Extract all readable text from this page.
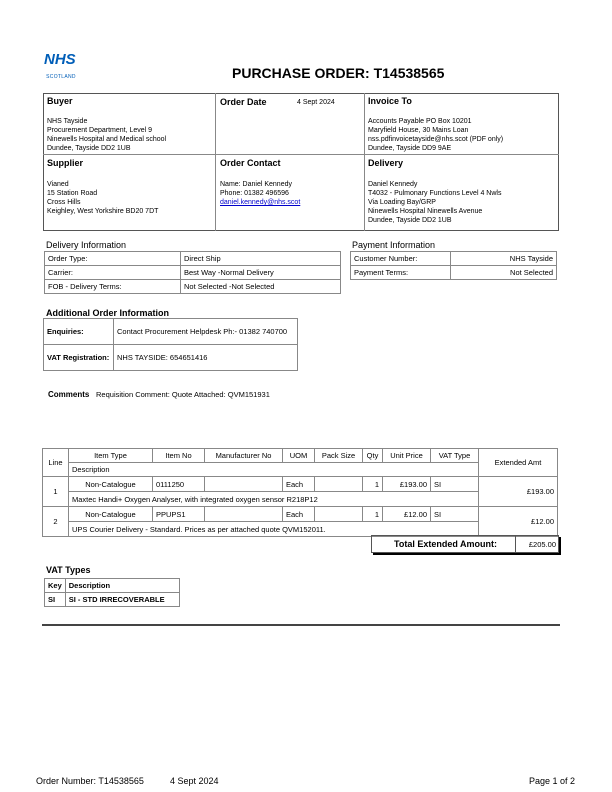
NHS
SCOTLAND	PURCHASE ORDER: T14538565
Buyer
NHS Tayside
Procurement Department, Level 9
Ninewells Hospital and Medical school
Dundee, Tayside DD2 1UB
Order Date	4 Sept 2024	Invoice To
Accounts Payable PO Box 10201
Maryfield House, 30 Mains Loan
nss.pdfinvoicetayside@nhs.scot (PDF only)
Dundee, Tayside DD9 9AE
Supplier
Vianed
15 Station Road
Cross Hills
Keighley, West Yorkshire BD20 7DT
Order Contact
Name: Daniel Kennedy
Phone: 01382 496596
daniel.kennedy@nhs.scot
Delivery
Daniel Kennedy
T4032 - Pulmonary Functions Level 4 Nwls
Via Loading Bay/GRP
Ninewells Hospital Ninewells Avenue
Dundee, Tayside DD2 1UB
Delivery Information
Order Type:	Direct Ship
Carrier:	Best Way -Normal Delivery
FOB - Delivery Terms:	Not Selected -Not Selected
Payment Information
Customer Number:	NHS Tayside
Payment Terms:	Not Selected
Additional Order Information
Enquiries:	Contact Procurement Helpdesk Ph:- 01382 740700
VAT Registration:	NHS TAYSIDE: 654651416
Comments Requisition Comment: Quote Attached: QVM151931
Line	Item Type	Item No	Manufacturer No	UOM	Pack Size	Qty	Unit Price	VAT Type	Extended Amt
	Description								
1	Non-Catalogue	0111250		Each		1	£193.00	SI	£193.00
	Maxtec Handi+ Oxygen Analyser, with integrated oxygen sensor R218P12								
2	Non-Catalogue	PPUPS1		Each		1	£12.00	SI	£12.00
	UPS Courier Delivery - Standard. Prices as per attached quote QVM152011.								
Total Extended Amount:	£205.00
VAT Types
Key	Description
SI	SI - STD IRRECOVERABLE
Order Number: T14538565	4 Sept 2024	Page 1 of 2
